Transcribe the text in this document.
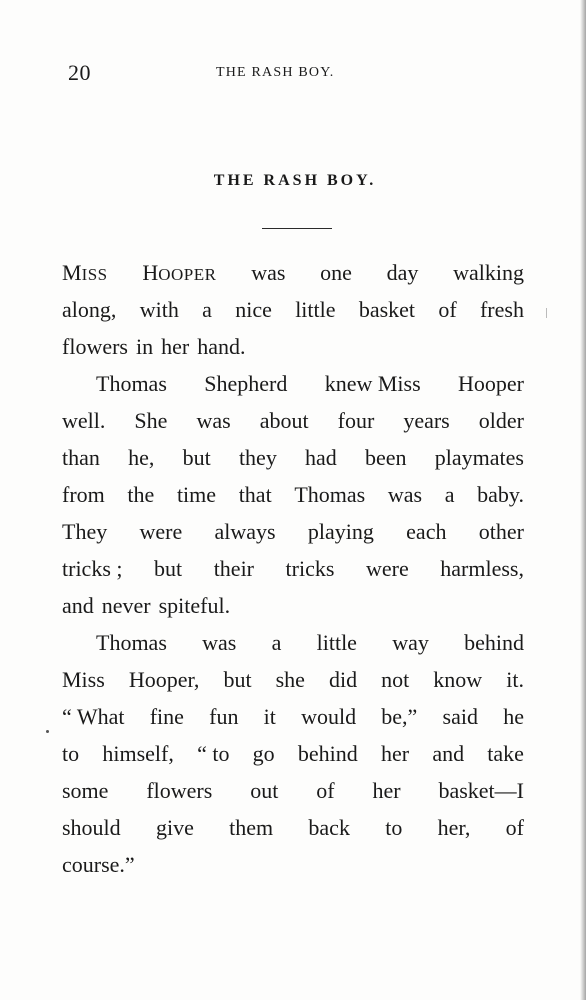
20	THE RASH BOY.
THE RASH BOY.
MISS HOOPER was one day walking
along, with a nice little basket of fresh
flowers in her hand.
Thomas Shepherd knew Miss Hooper
well. She was about four years older
than he, but they had been playmates
from the time that Thomas was a baby.
They were always playing each other
tricks ; but their tricks were harmless,
and never spiteful.
Thomas was a little way behind
Miss Hooper, but she did not know it.
“ What fine fun it would be,” said he
to himself, “ to go behind her and take
some flowers out of her basket—I
should give them back to her, of
course.”
